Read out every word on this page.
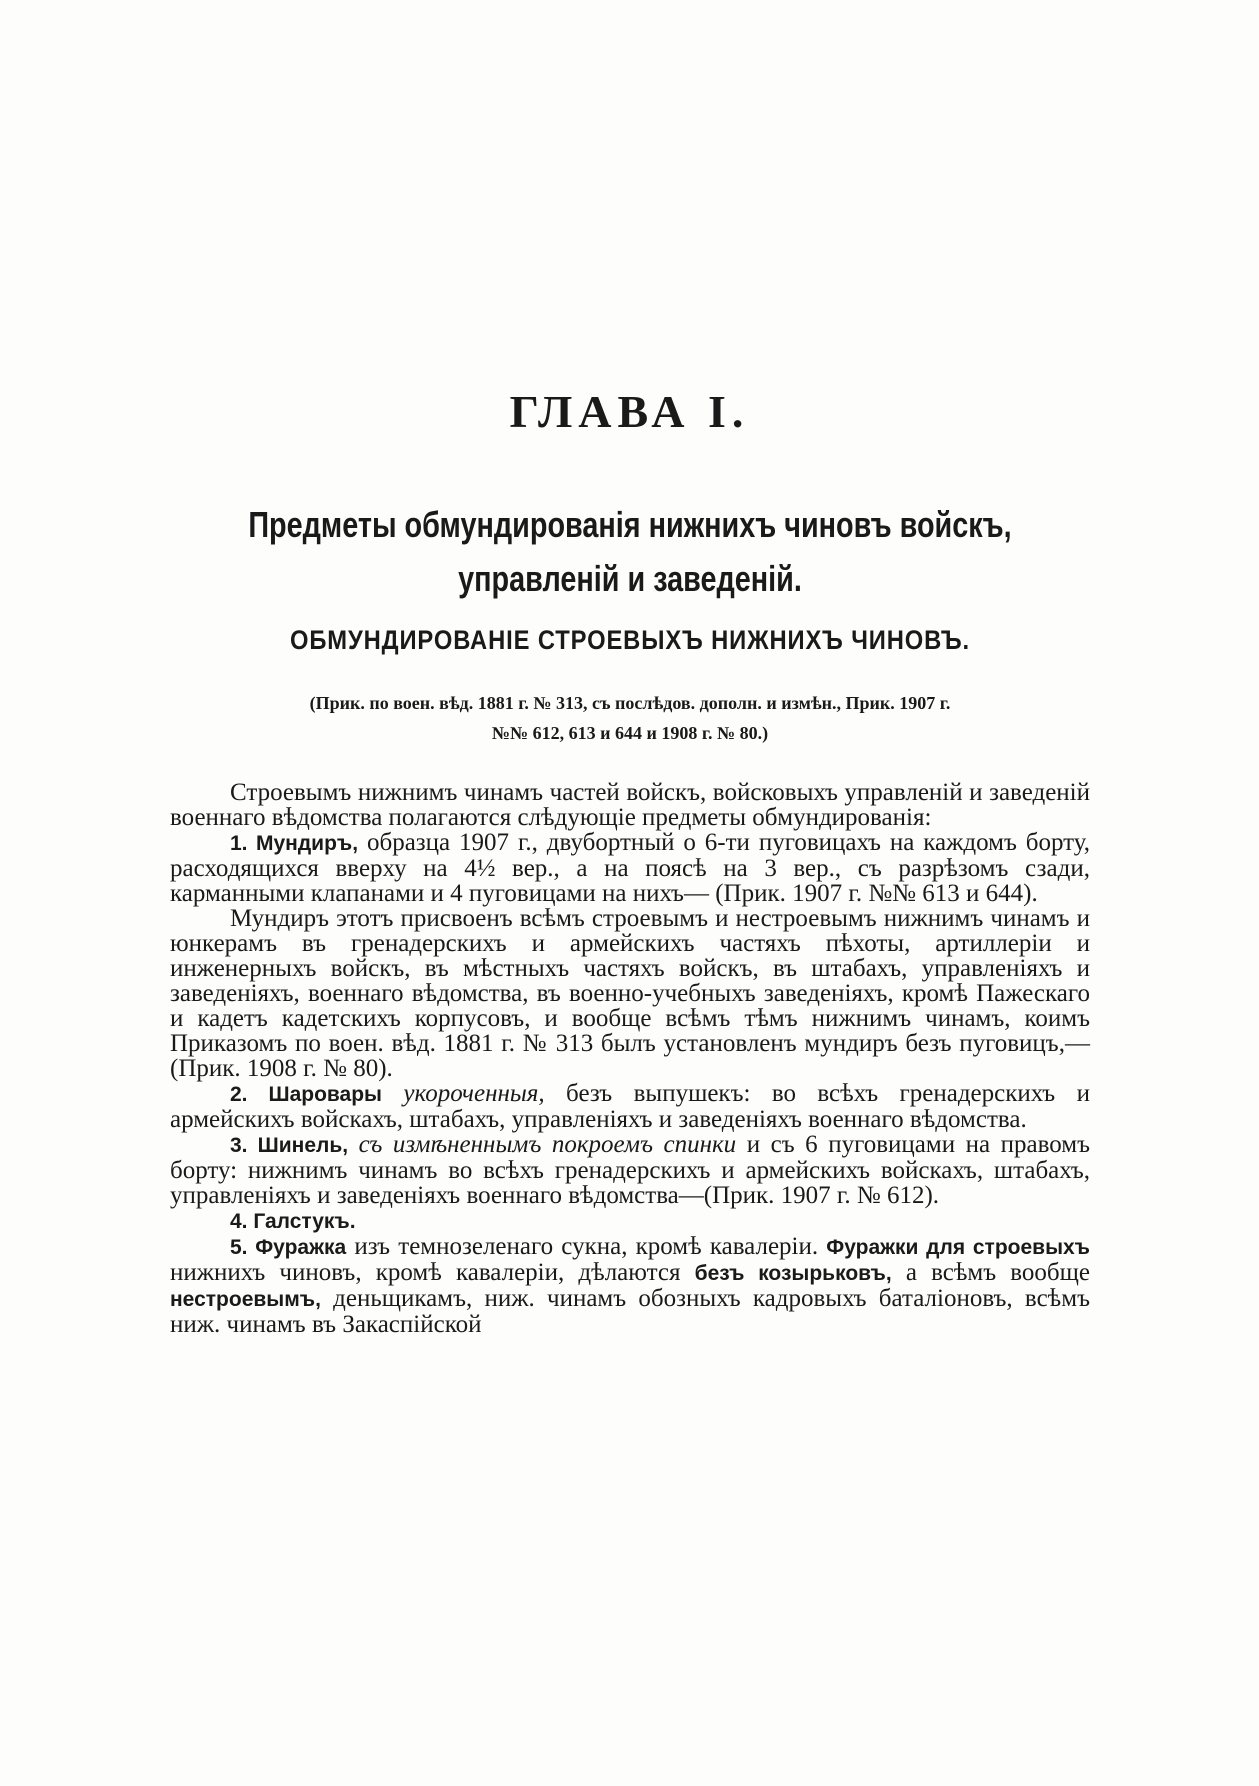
ГЛАВА I.
Предметы обмундированія нижнихъ чиновъ войскъ, управленій и заведеній.
ОБМУНДИРОВАНІЕ СТРОЕВЫХЪ НИЖНИХЪ ЧИНОВЪ.
(Прик. по воен. вѣд. 1881 г. № 313, съ послѣдов. дополн. и измѣн., Прик. 1907 г.
№№ 612, 613 и 644 и 1908 г. № 80.)

Строевымъ нижнимъ чинамъ частей войскъ, войсковыхъ управленій и заведеній военнаго вѣдомства полагаются слѣдующіе предметы обмундированія:

1. Мундиръ, образца 1907 г., двубортный о 6-ти пуговицахъ на каждомъ борту, расходящихся вверху на 4½ вер., а на поясѣ на 3 вер., съ разрѣзомъ сзади, карманными клапанами и 4 пуговицами на нихъ— (Прик. 1907 г. №№ 613 и 644).

Мундиръ этотъ присвоенъ всѣмъ строевымъ и нестроевымъ нижнимъ чинамъ и юнкерамъ въ гренадерскихъ и армейскихъ частяхъ пѣхоты, артиллеріи и инженерныхъ войскъ, въ мѣстныхъ частяхъ войскъ, въ штабахъ, управленіяхъ и заведеніяхъ, военнаго вѣдомства, въ военно-учебныхъ заведеніяхъ, кромѣ Пажескаго и кадетъ кадетскихъ корпусовъ, и вообще всѣмъ тѣмъ нижнимъ чинамъ, коимъ Приказомъ по воен. вѣд. 1881 г. № 313 былъ установленъ мундиръ безъ пуговицъ,— (Прик. 1908 г. № 80).

2. Шаровары укороченныя, безъ выпушекъ: во всѣхъ гренадерскихъ и армейскихъ войскахъ, штабахъ, управленіяхъ и заведеніяхъ военнаго вѣдомства.

3. Шинель, съ измѣненнымъ покроемъ спинки и съ 6 пуговицами на правомъ борту: нижнимъ чинамъ во всѣхъ гренадерскихъ и армейскихъ войскахъ, штабахъ, управленіяхъ и заведеніяхъ военнаго вѣдомства—(Прик. 1907 г. № 612).

4. Галстукъ.

5. Фуражка изъ темнозеленаго сукна, кромѣ кавалеріи. Фуражки для строевыхъ нижнихъ чиновъ, кромѣ кавалеріи, дѣлаются безъ козырьковъ, а всѣмъ вообще нестроевымъ, деньщикамъ, ниж. чинамъ обозныхъ кадровыхъ баталіоновъ, всѣмъ ниж. чинамъ въ Закаспійской
